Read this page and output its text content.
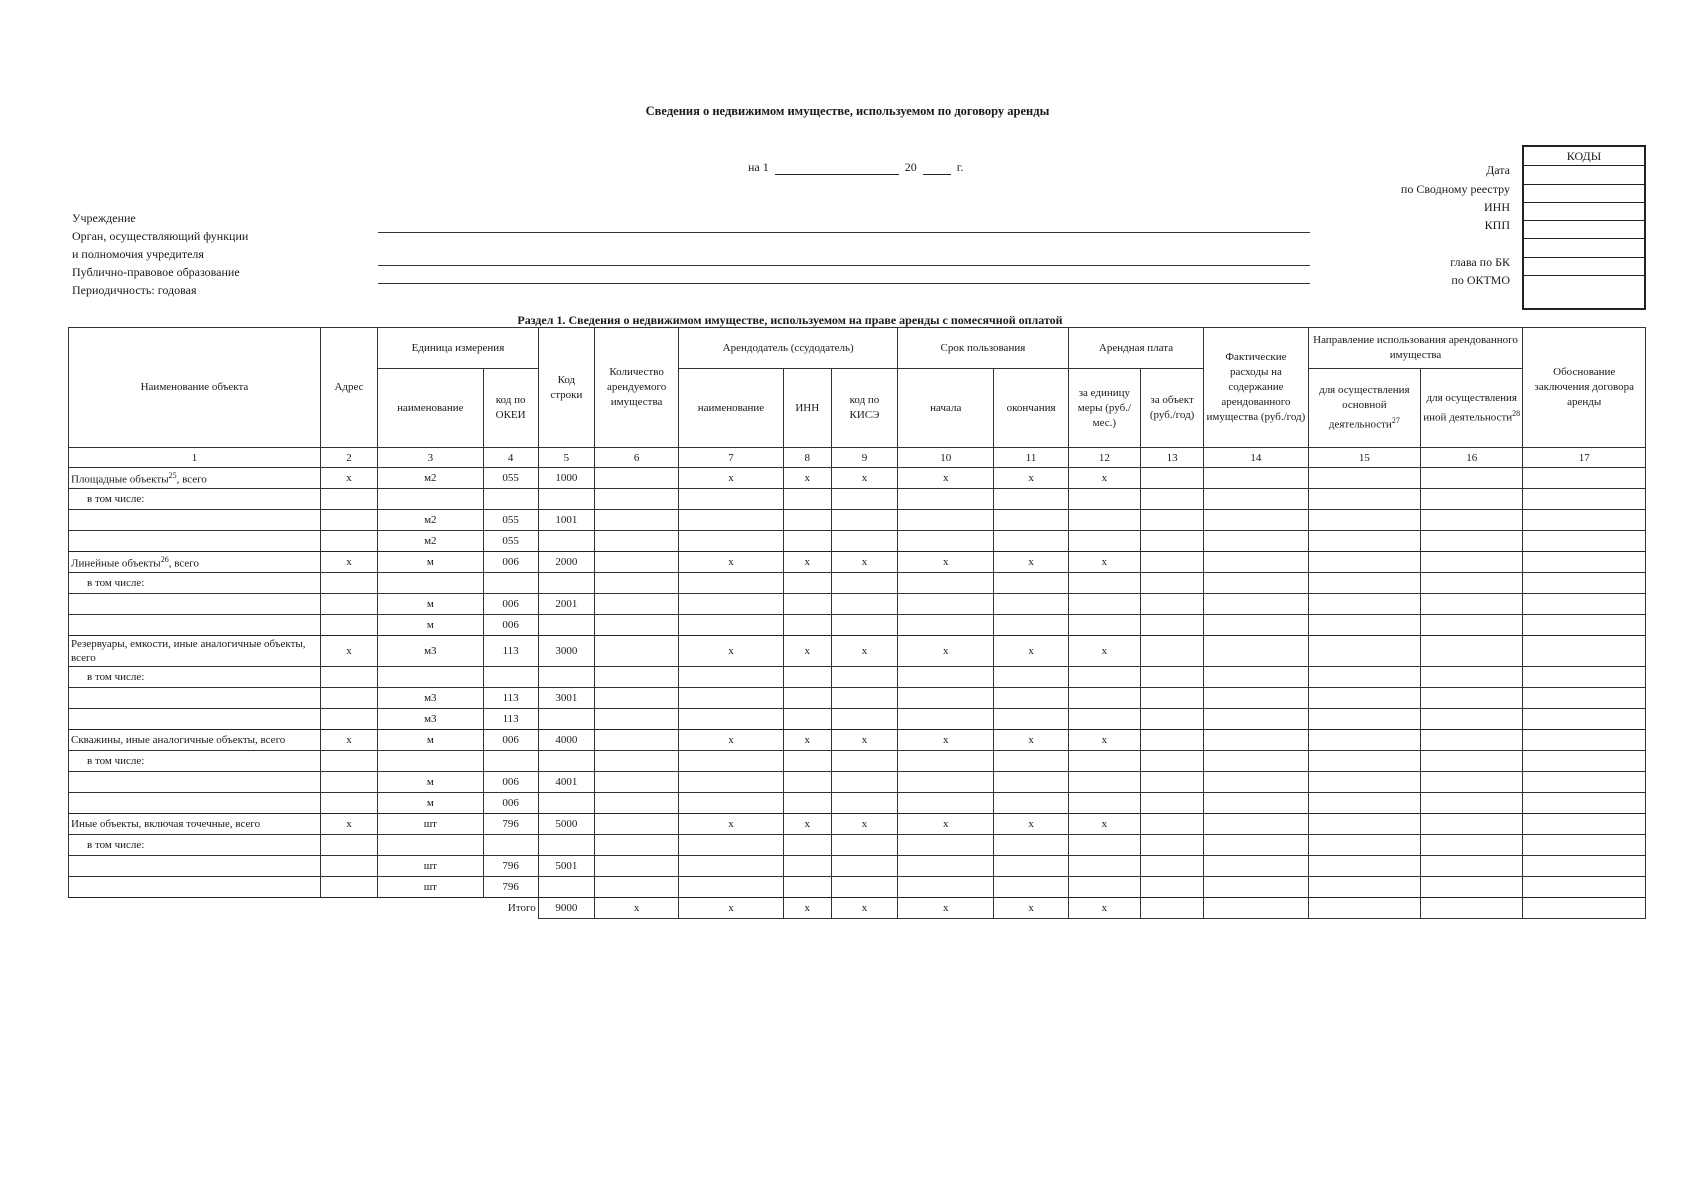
Сведения о недвижимом имуществе, используемом по договору аренды
на 1	20	г.
Учреждение
Орган, осуществляющий функции
и полномочия учредителя
Публично-правовое образование
Периодичность: годовая
Дата
по Сводному реестру
ИНН
КПП
глава по БК
по ОКТМО
КОДЫ
Раздел 1. Сведения о недвижимом имуществе, используемом на праве аренды с помесячной оплатой
Наименование объекта	Адрес	Единица измерения		Код строки	Количество арендуемого имущества	Арендодатель (ссудодатель)			Срок пользования		Арендная плата		Фактические расходы на содержание арендованного имущества (руб./год)	Направление использования арендованного имущества		Обоснование заключения договора аренды
		наименование	код по ОКЕИ			наименование	ИНН	код по КИСЭ	начала	окончания	за единицу меры (руб./мес.)	за объект (руб./год)		для осуществления основной деятельности$^{27}$	для осуществления иной деятельности$^{28}$
1	2	3	4	5	6	7	8	9	10	11	12	13	14	15	16	17
Площадные объекты$^{25}$, всего	х	м2	055	1000		х	х	х	х	х	х					
в том числе:																
		м2	055	1001												
		м2	055													
Линейные объекты$^{26}$, всего	х	м	006	2000		х	х	х	х	х	х					
в том числе:																
		м	006	2001												
		м	006													
Резервуары, емкости, иные аналогичные объекты, всего	х	м3	113	3000		х	х	х	х	х	х					
в том числе:																
		м3	113	3001												
		м3	113													
Скважины, иные аналогичные объекты, всего	х	м	006	4000		х	х	х	х	х	х					
в том числе:																
		м	006	4001												
		м	006													
Иные объекты, включая точечные, всего	х	шт	796	5000		х	х	х	х	х	х					
в том числе:																
		шт	796	5001												
		шт	796													
Итого				9000	х	х	х	х	х	х	х					
